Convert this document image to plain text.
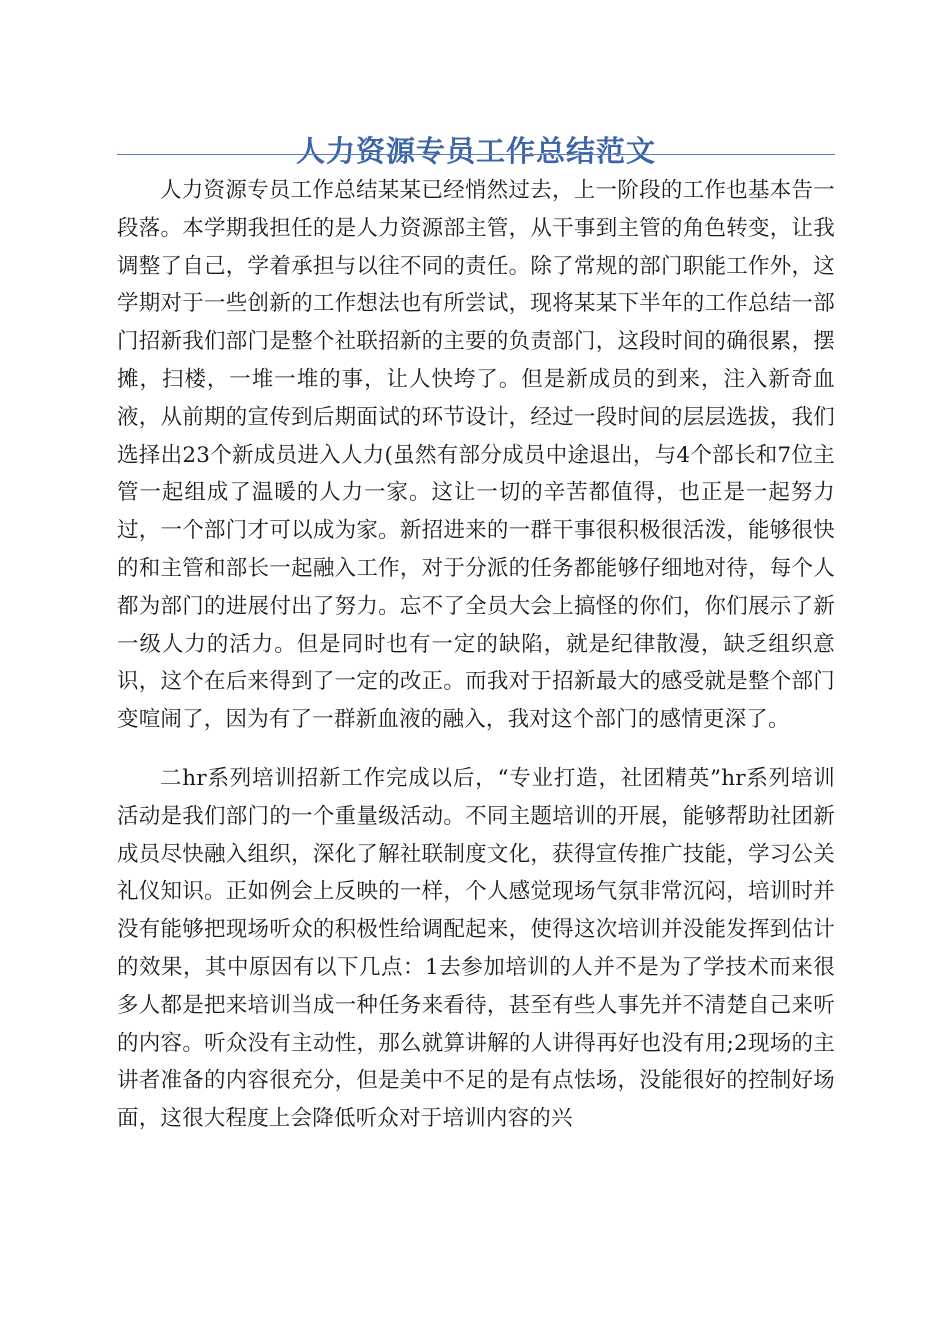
人力资源专员工作总结范文

人力资源专员工作总结某某已经悄然过去，上一阶段的工作也基本告一段落。本学期我担任的是人力资源部主管，从干事到主管的角色转变，让我调整了自己，学着承担与以往不同的责任。除了常规的部门职能工作外，这学期对于一些创新的工作想法也有所尝试，现将某某下半年的工作总结一部门招新我们部门是整个社联招新的主要的负责部门，这段时间的确很累，摆摊，扫楼，一堆一堆的事，让人快垮了。但是新成员的到来，注入新奇血液，从前期的宣传到后期面试的环节设计，经过一段时间的层层选拔，我们选择出23个新成员进入人力(虽然有部分成员中途退出，与4个部长和7位主管一起组成了温暖的人力一家。这让一切的辛苦都值得，也正是一起努力过，一个部门才可以成为家。新招进来的一群干事很积极很活泼，能够很快的和主管和部长一起融入工作，对于分派的任务都能够仔细地对待，每个人都为部门的进展付出了努力。忘不了全员大会上搞怪的你们，你们展示了新一级人力的活力。但是同时也有一定的缺陷，就是纪律散漫，缺乏组织意识，这个在后来得到了一定的改正。而我对于招新最大的感受就是整个部门变喧闹了，因为有了一群新血液的融入，我对这个部门的感情更深了。

二hr系列培训招新工作完成以后，“专业打造，社团精英”hr系列培训活动是我们部门的一个重量级活动。不同主题培训的开展，能够帮助社团新成员尽快融入组织，深化了解社联制度文化，获得宣传推广技能，学习公关礼仪知识。正如例会上反映的一样，个人感觉现场气氛非常沉闷，培训时并没有能够把现场听众的积极性给调配起来，使得这次培训并没能发挥到估计的效果，其中原因有以下几点：1去参加培训的人并不是为了学技术而来很多人都是把来培训当成一种任务来看待，甚至有些人事先并不清楚自己来听的内容。听众没有主动性，那么就算讲解的人讲得再好也没有用;2现场的主讲者准备的内容很充分，但是美中不足的是有点怯场，没能很好的控制好场面，这很大程度上会降低听众对于培训内容的兴
